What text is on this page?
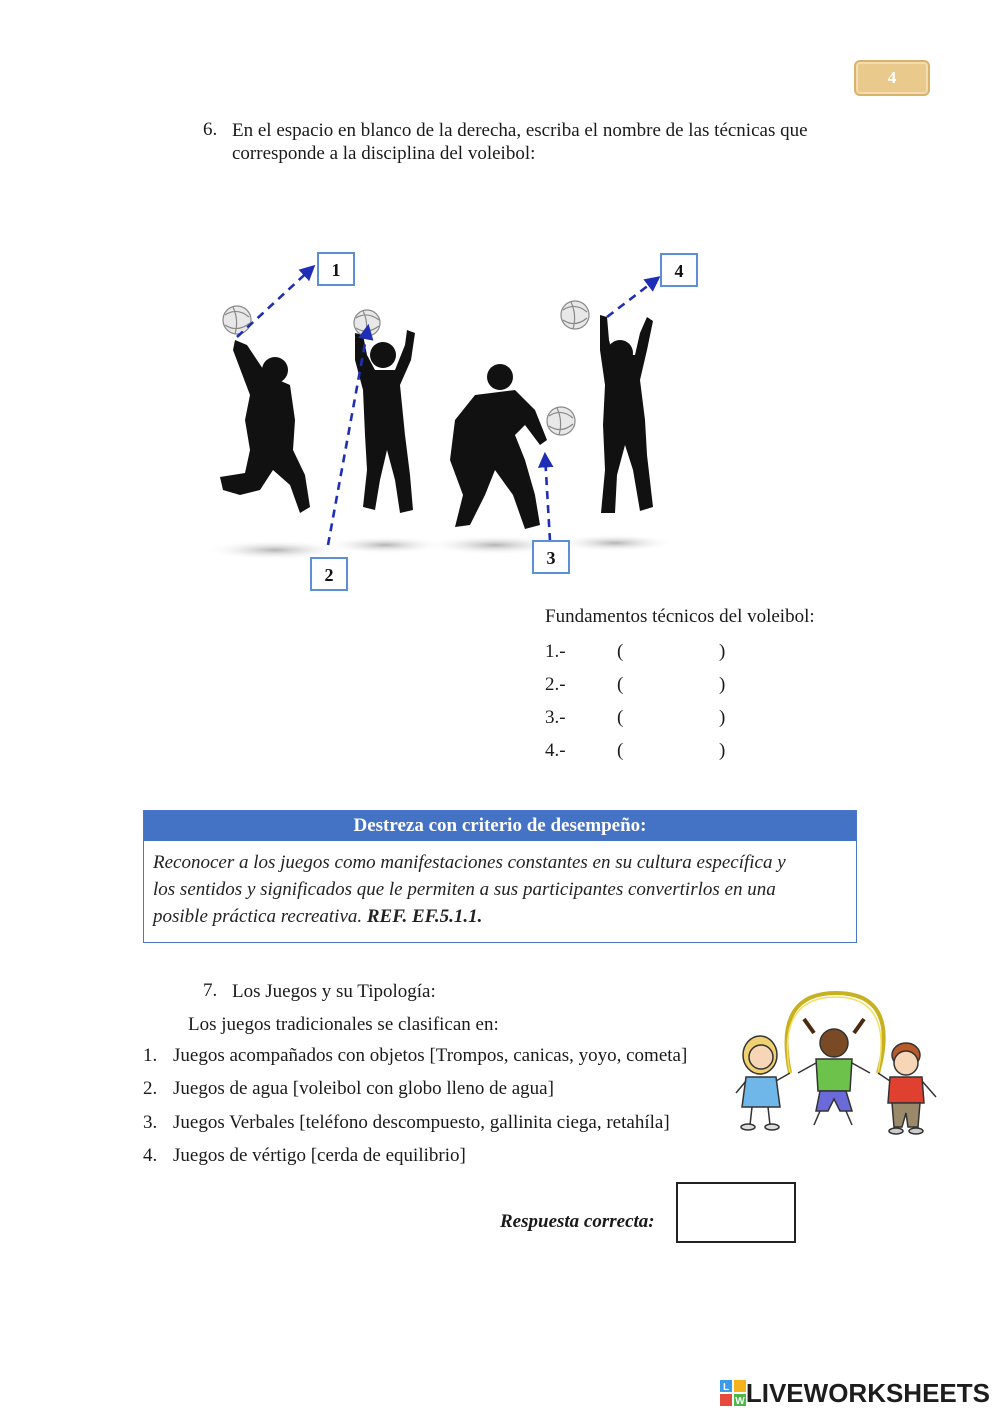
4
6. En el espacio en blanco de la derecha, escriba el nombre de las técnicas que
corresponde a la disciplina del voleibol:
1
2
3
4
Fundamentos técnicos del voleibol:
1.-	(	)
2.-	(	)
3.-	(	)
4.-	(	)
Destreza con criterio de desempeño:
Reconocer a los juegos como manifestaciones constantes en su cultura específica y
los sentidos y significados que le permiten a sus participantes convertirlos en una
posible práctica recreativa. REF. EF.5.1.1.
7. Los Juegos y su Tipología:
Los juegos tradicionales se clasifican en:
1. Juegos acompañados con objetos [Trompos, canicas, yoyo, cometa]
2. Juegos de agua [voleibol con globo lleno de agua]
3. Juegos Verbales [teléfono descompuesto, gallinita ciega, retahíla]
4. Juegos de vértigo [cerda de equilibrio]
Respuesta correcta:
L
W LIVEWORKSHEETS
